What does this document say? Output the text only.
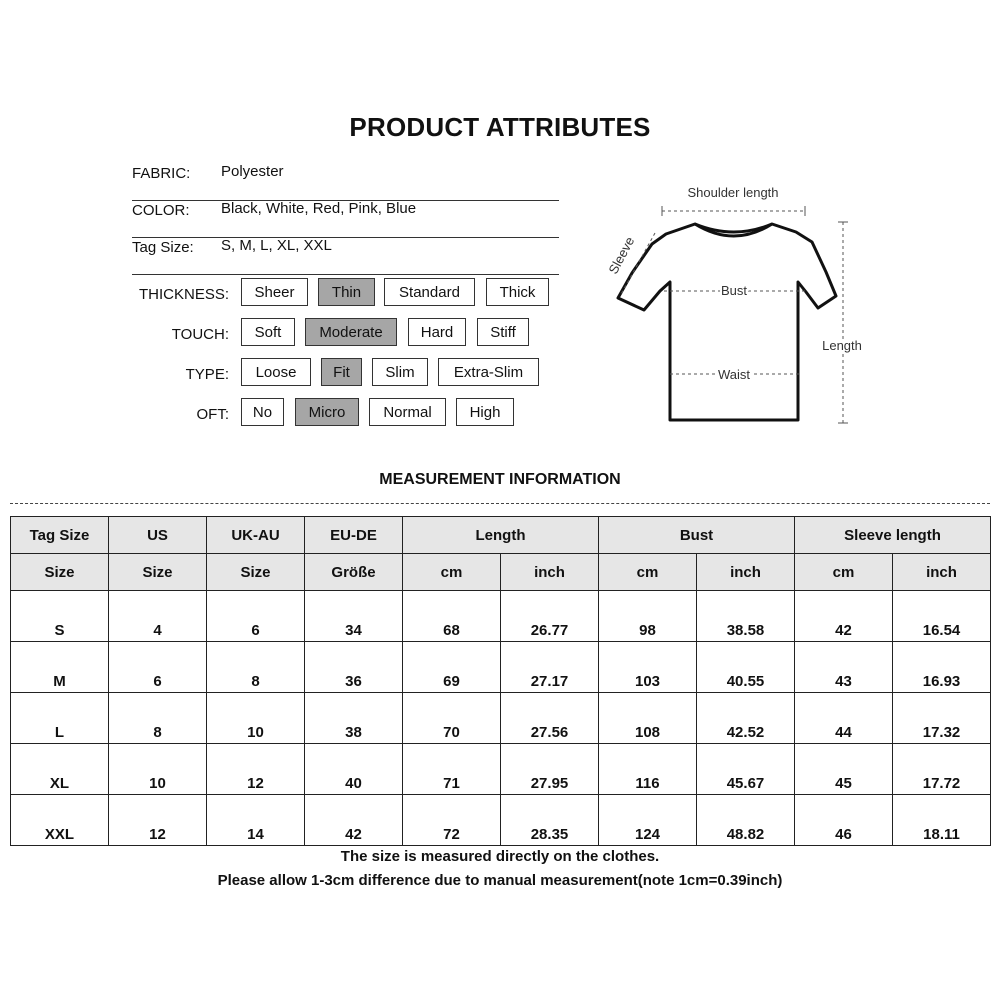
PRODUCT ATTRIBUTES
FABRIC: Polyester
COLOR: Black, White, Red, Pink, Blue
Tag Size: S, M, L, XL, XXL
THICKNESS:	Sheer	Thin	Standard	Thick
TOUCH:	Soft	Moderate	Hard	Stiff
TYPE:	Loose	Fit	Slim	Extra-Slim
OFT:	No	Micro	Normal	High
Shoulder length
Sleeve
Bust
Waist
Length
MEASUREMENT INFORMATION
Tag Size	US	UK-AU	EU-DE	Length		Bust		Sleeve length	
Size	Size	Size	Größe	cm	inch	cm	inch	cm	inch
S	4	6	34	68	26.77	98	38.58	42	16.54
M	6	8	36	69	27.17	103	40.55	43	16.93
L	8	10	38	70	27.56	108	42.52	44	17.32
XL	10	12	40	71	27.95	116	45.67	45	17.72
XXL	12	14	42	72	28.35	124	48.82	46	18.11
The size is measured directly on the clothes.
Please allow 1-3cm difference due to manual measurement(note 1cm=0.39inch)
